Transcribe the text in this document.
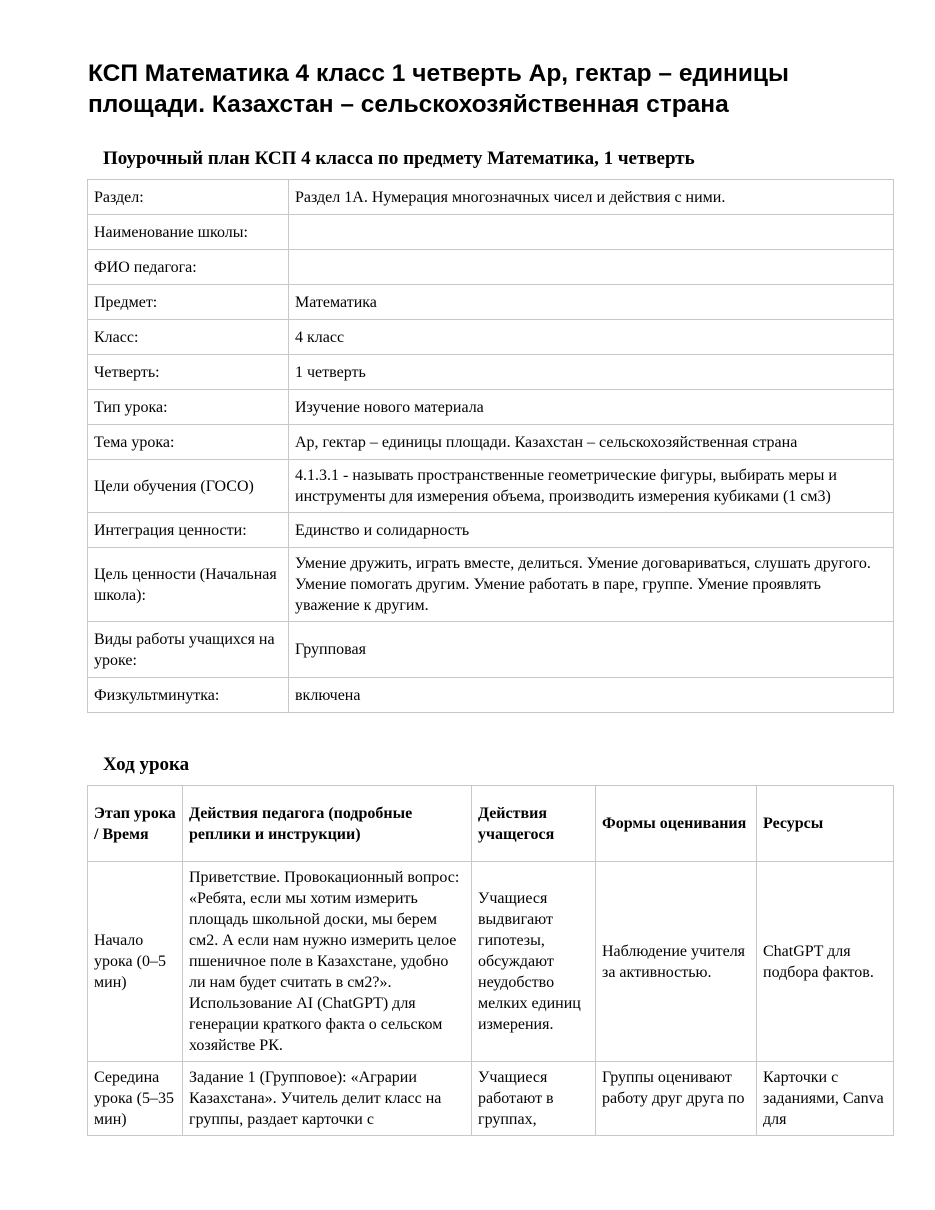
КСП Математика 4 класс 1 четверть Ар, гектар – единицы площади. Казахстан – сельскохозяйственная страна
Поурочный план КСП 4 класса по предмету Математика, 1 четверть
Раздел:	Раздел 1А. Нумерация многозначных чисел и действия с ними.
Наименование школы:	
ФИО педагога:	
Предмет:	Математика
Класс:	4 класс
Четверть:	1 четверть
Тип урока:	Изучение нового материала
Тема урока:	Ар, гектар – единицы площади. Казахстан – сельскохозяйственная страна
Цели обучения (ГОСО)	4.1.3.1 - называть пространственные геометрические фигуры, выбирать меры и инструменты для измерения объема, производить измерения кубиками (1 см3)
Интеграция ценности:	Единство и солидарность
Цель ценности (Начальная школа):	Умение дружить, играть вместе, делиться. Умение договариваться, слушать другого. Умение помогать другим. Умение работать в паре, группе. Умение проявлять уважение к другим.
Виды работы учащихся на уроке:	Групповая
Физкультминутка:	включена
Ход урока
Этап урока / Время	Действия педагога (подробные реплики и инструкции)	Действия учащегося	Формы оценивания	Ресурсы
Начало урока (0–5 мин)	Приветствие. Провокационный вопрос: «Ребята, если мы хотим измерить площадь школьной доски, мы берем см2. А если нам нужно измерить целое пшеничное поле в Казахстане, удобно ли нам будет считать в см2?». Использование AI (ChatGPT) для генерации краткого факта о сельском хозяйстве РК.	Учащиеся выдвигают гипотезы, обсуждают неудобство мелких единиц измерения.	Наблюдение учителя за активностью.	ChatGPT для подбора фактов.
Середина урока (5–35 мин)	Задание 1 (Групповое): «Аграрии Казахстана». Учитель делит класс на группы, раздает карточки с	Учащиеся работают в группах,	Группы оценивают работу друг друга по	Карточки с заданиями, Canva для
